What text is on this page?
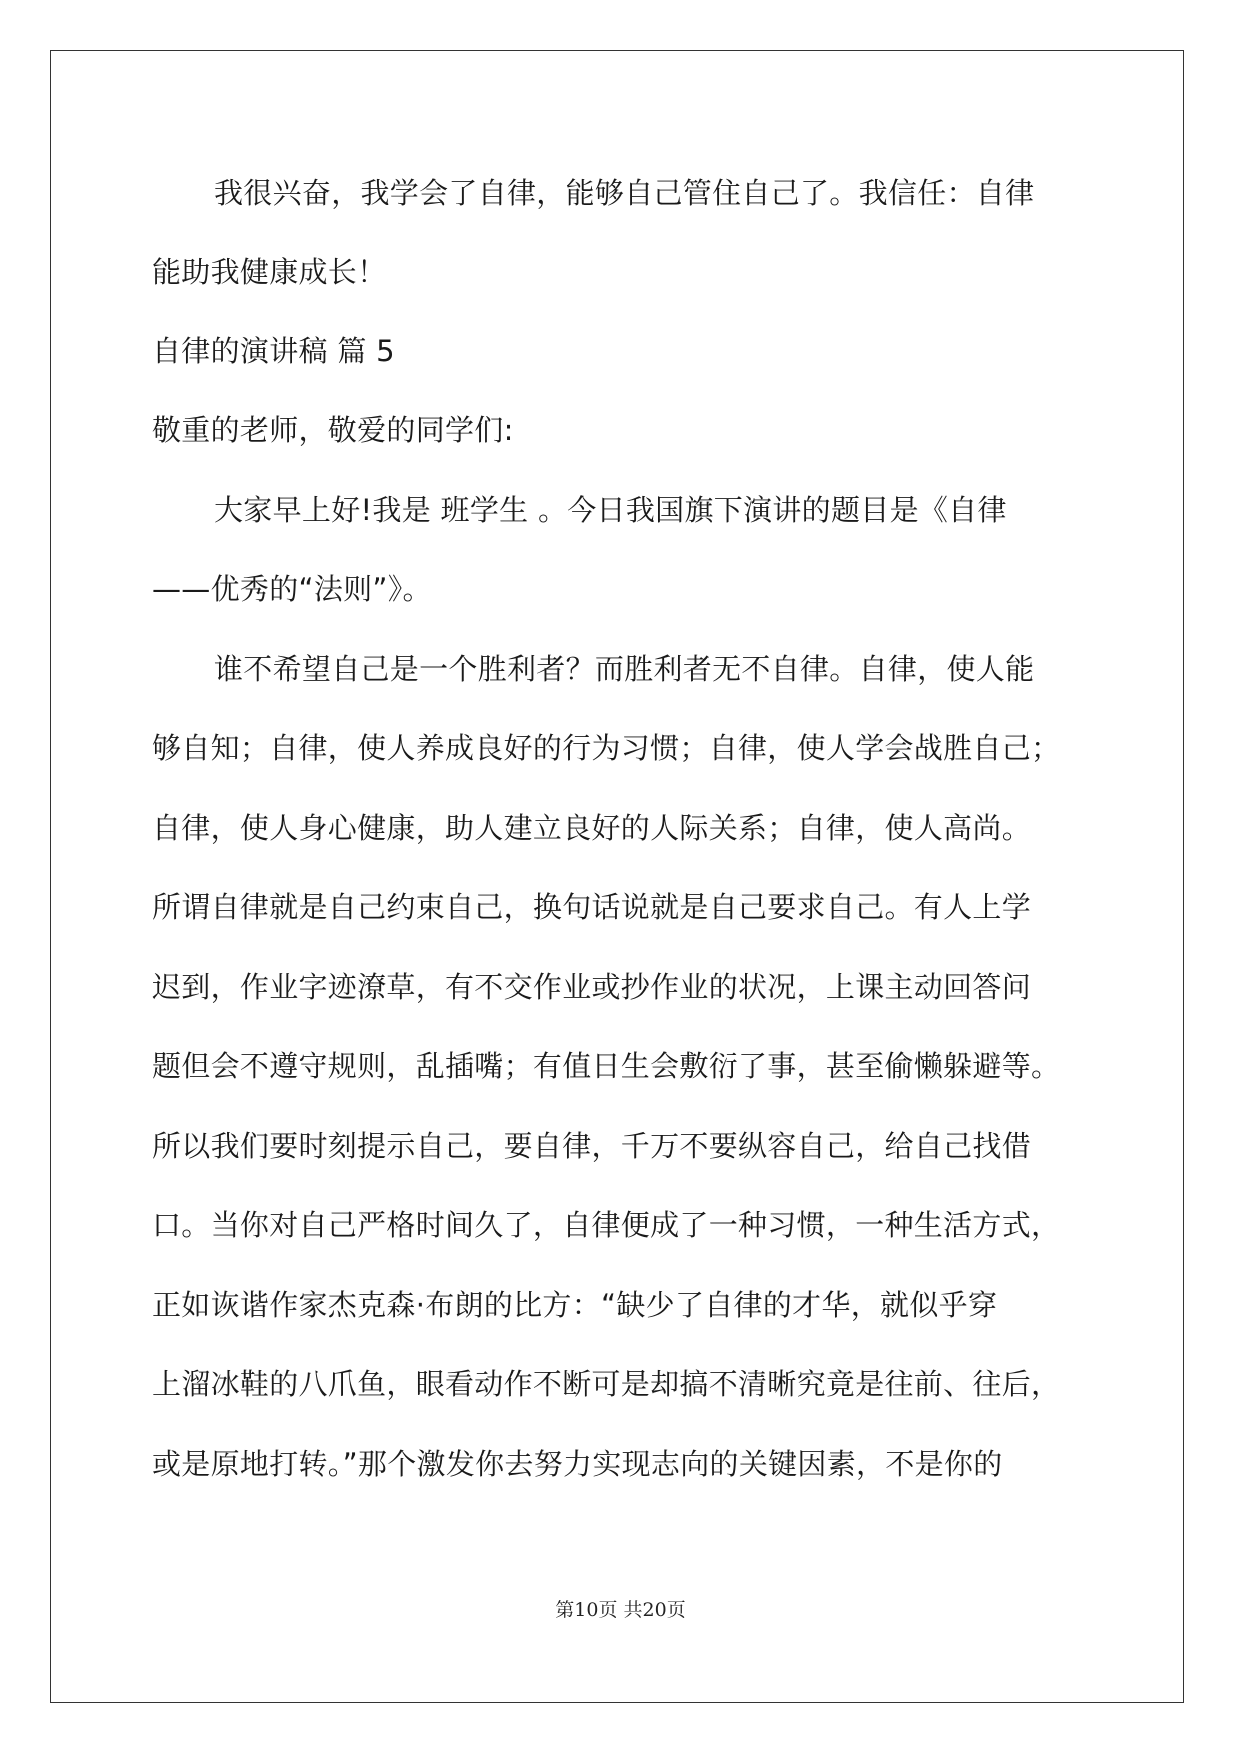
我很兴奋，我学会了自律，能够自己管住自己了。我信任：自律
能助我健康成长！
自律的演讲稿 篇 5
敬重的老师，敬爱的同学们:
大家早上好!我是 班学生 。今日我国旗下演讲的题目是《自律
——优秀的“法则”》。
谁不希望自己是一个胜利者？而胜利者无不自律。自律，使人能
够自知；自律，使人养成良好的行为习惯；自律，使人学会战胜自己；
自律，使人身心健康，助人建立良好的人际关系；自律，使人高尚。
所谓自律就是自己约束自己，换句话说就是自己要求自己。有人上学
迟到，作业字迹潦草，有不交作业或抄作业的状况，上课主动回答问
题但会不遵守规则，乱插嘴；有值日生会敷衍了事，甚至偷懒躲避等。
所以我们要时刻提示自己，要自律，千万不要纵容自己，给自己找借
口。当你对自己严格时间久了，自律便成了一种习惯，一种生活方式，
正如诙谐作家杰克森·布朗的比方：“缺少了自律的才华，就似乎穿
上溜冰鞋的八爪鱼，眼看动作不断可是却搞不清晰究竟是往前、往后，
或是原地打转。”那个激发你去努力实现志向的关键因素，不是你的
第10页 共20页
